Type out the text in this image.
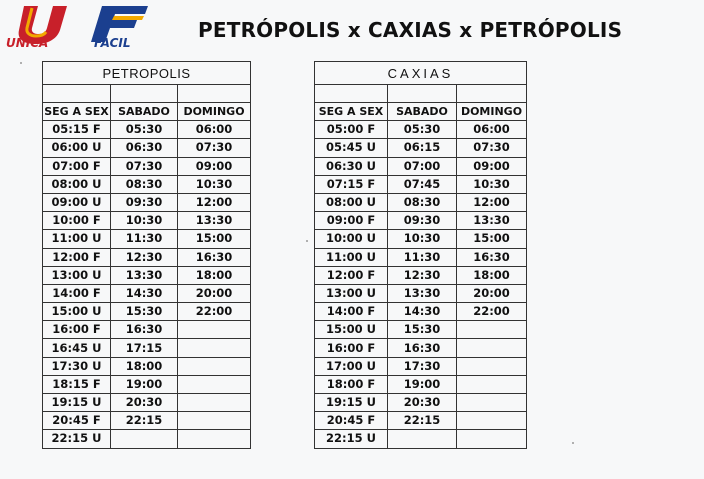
UNICA	FACIL
PETRÓPOLIS x CAXIAS x PETRÓPOLIS
PETROPOLIS		

SEG A SEX	SABADO	DOMINGO
05:15 F	05:30	06:00
06:00 U	06:30	07:30
07:00 F	07:30	09:00
08:00 U	08:30	10:30
09:00 U	09:30	12:00
10:00 F	10:30	13:30
11:00 U	11:30	15:00
12:00 F	12:30	16:30
13:00 U	13:30	18:00
14:00 F	14:30	20:00
15:00 U	15:30	22:00
16:00 F	16:30	
16:45 U	17:15	
17:30 U	18:00	
18:15 F	19:00	
19:15 U	20:30	
20:45 F	22:15	
22:15 U		
CAXIAS		

SEG A SEX	SABADO	DOMINGO
05:00 F	05:30	06:00
05:45 U	06:15	07:30
06:30 U	07:00	09:00
07:15 F	07:45	10:30
08:00 U	08:30	12:00
09:00 F	09:30	13:30
10:00 U	10:30	15:00
11:00 U	11:30	16:30
12:00 F	12:30	18:00
13:00 U	13:30	20:00
14:00 F	14:30	22:00
15:00 U	15:30	
16:00 F	16:30	
17:00 U	17:30	
18:00 F	19:00	
19:15 U	20:30	
20:45 F	22:15	
22:15 U		
